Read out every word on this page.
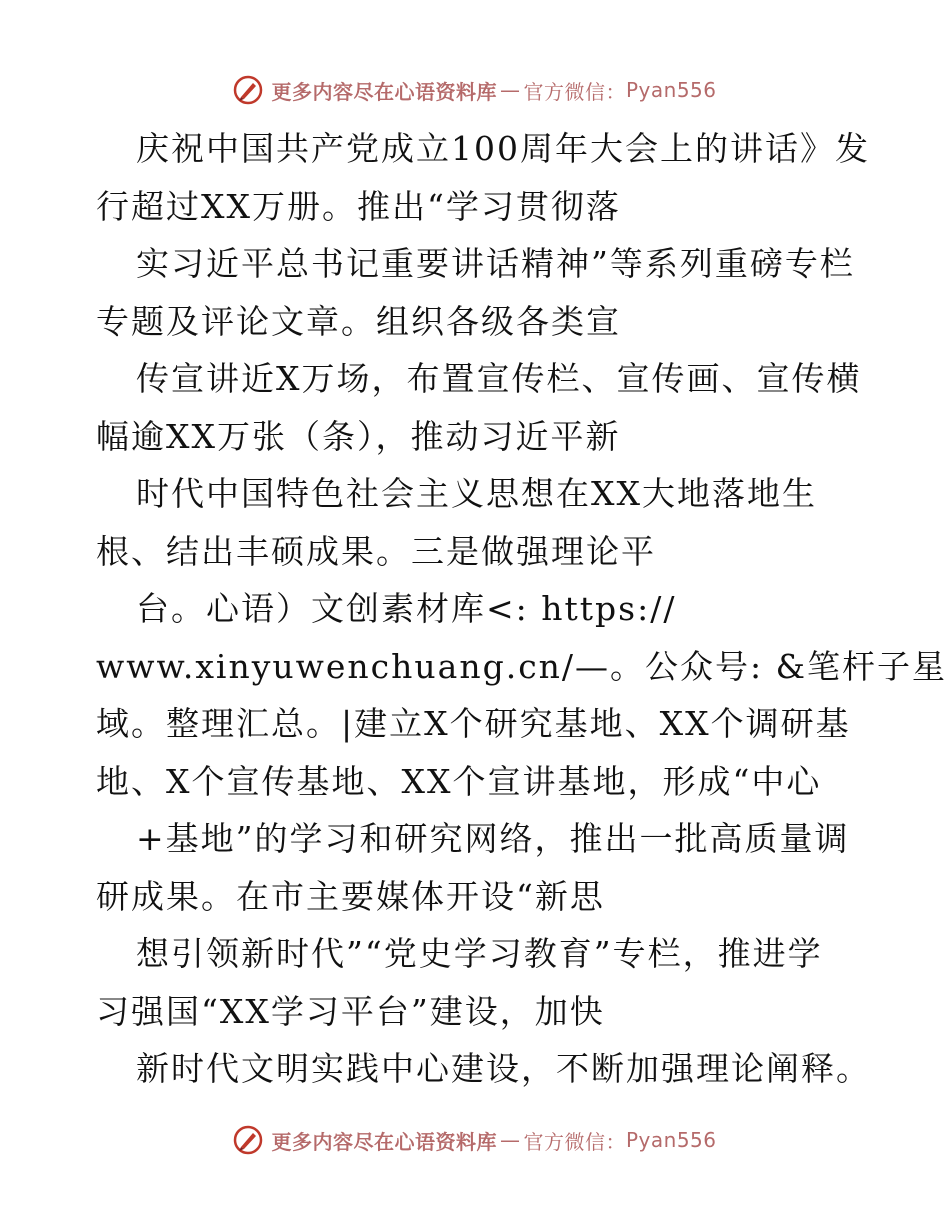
更多内容尽在心语资料库 — 官方微信： Pyan556
庆祝中国共产党成立100周年大会上的讲话》发
行超过XX万册。推出“学习贯彻落
实习近平总书记重要讲话精神”等系列重磅专栏
专题及评论文章。组织各级各类宣
传宣讲近X万场，布置宣传栏、宣传画、宣传横
幅逾XX万张（条），推动习近平新
时代中国特色社会主义思想在XX大地落地生
根、结出丰硕成果。三是做强理论平
台。心语）文创素材库<: https://
www.xinyuwenchuang.cn/—。公众号: &笔杆子星
域。整理汇总。|建立X个研究基地、XX个调研基
地、X个宣传基地、XX个宣讲基地，形成“中心
+基地”的学习和研究网络，推出一批高质量调
研成果。在市主要媒体开设“新思
想引领新时代”“党史学习教育”专栏，推进学
习强国“XX学习平台”建设，加快
新时代文明实践中心建设，不断加强理论阐释。
更多内容尽在心语资料库 — 官方微信： Pyan556
